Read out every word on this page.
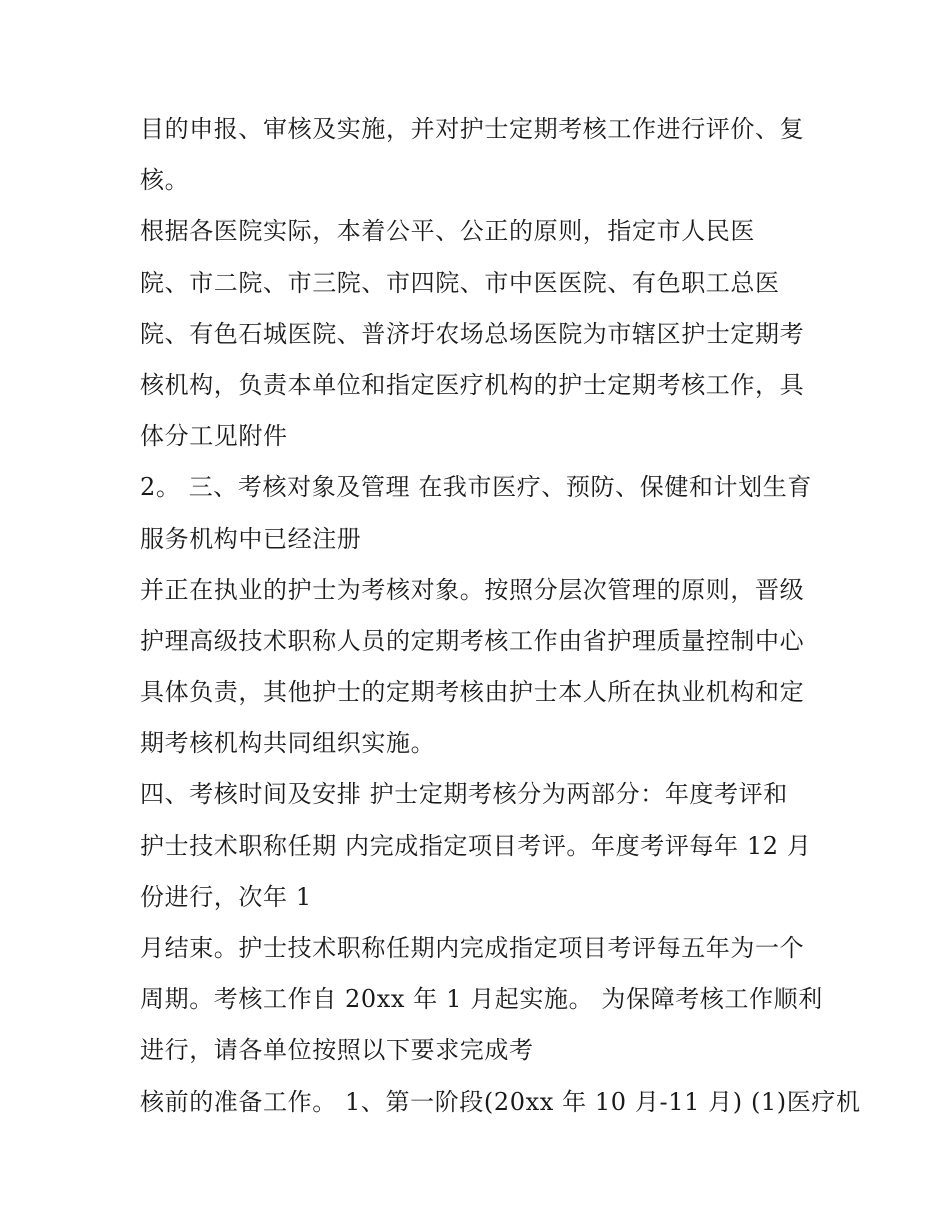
目的申报、审核及实施，并对护士定期考核工作进行评价、复
核。
根据各医院实际，本着公平、公正的原则，指定市人民医
院、市二院、市三院、市四院、市中医医院、有色职工总医
院、有色石城医院、普济圩农场总场医院为市辖区护士定期考
核机构，负责本单位和指定医疗机构的护士定期考核工作，具
体分工见附件
2。 三、考核对象及管理 在我市医疗、预防、保健和计划生育
服务机构中已经注册
并正在执业的护士为考核对象。按照分层次管理的原则，晋级
护理高级技术职称人员的定期考核工作由省护理质量控制中心
具体负责，其他护士的定期考核由护士本人所在执业机构和定
期考核机构共同组织实施。
四、考核时间及安排 护士定期考核分为两部分：年度考评和
护士技术职称任期 内完成指定项目考评。年度考评每年 12 月
份进行，次年 1
月结束。护士技术职称任期内完成指定项目考评每五年为一个
周期。考核工作自 20xx 年 1 月起实施。 为保障考核工作顺利
进行，请各单位按照以下要求完成考
核前的准备工作。 1、第一阶段(20xx 年 10 月-11 月) (1)医疗机
